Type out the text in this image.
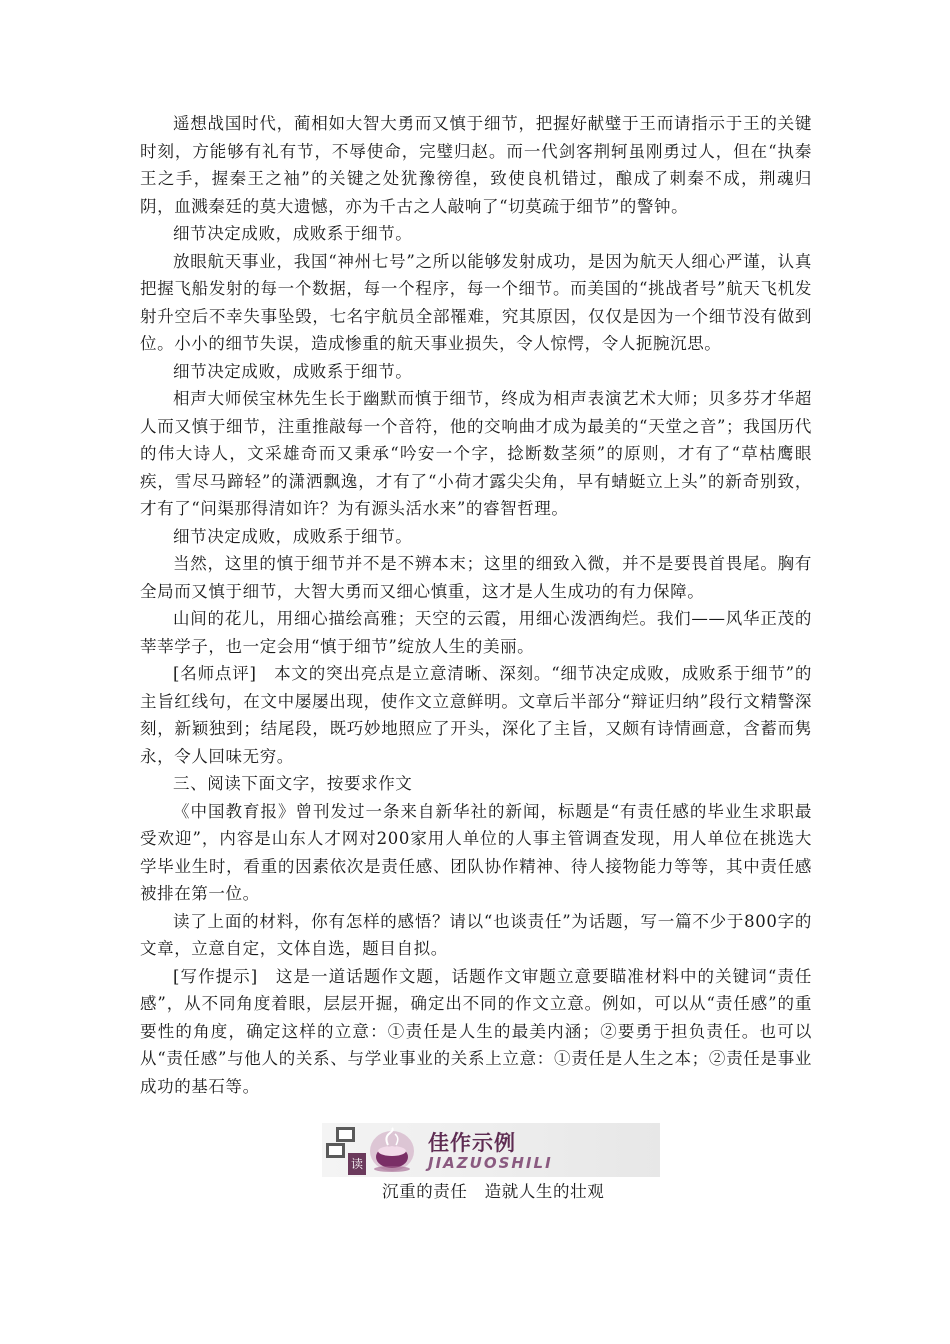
遥想战国时代，蔺相如大智大勇而又慎于细节，把握好献璧于王而请指示于王的关键时刻，方能够有礼有节，不辱使命，完璧归赵。而一代剑客荆轲虽刚勇过人，但在“执秦王之手，握秦王之袖”的关键之处犹豫徬徨，致使良机错过，酿成了刺秦不成，荆魂归阴，血溅秦廷的莫大遗憾，亦为千古之人敲响了“切莫疏于细节”的警钟。

细节决定成败，成败系于细节。

放眼航天事业，我国“神州七号”之所以能够发射成功，是因为航天人细心严谨，认真把握飞船发射的每一个数据，每一个程序，每一个细节。而美国的“挑战者号”航天飞机发射升空后不幸失事坠毁，七名宇航员全部罹难，究其原因，仅仅是因为一个细节没有做到位。小小的细节失误，造成惨重的航天事业损失，令人惊愕，令人扼腕沉思。

细节决定成败，成败系于细节。

相声大师侯宝林先生长于幽默而慎于细节，终成为相声表演艺术大师；贝多芬才华超人而又慎于细节，注重推敲每一个音符，他的交响曲才成为最美的“天堂之音”；我国历代的伟大诗人，文采雄奇而又秉承“吟安一个字，捻断数茎须”的原则，才有了“草枯鹰眼疾，雪尽马蹄轻”的潇洒飘逸，才有了“小荷才露尖尖角，早有蜻蜓立上头”的新奇别致，才有了“问渠那得清如许？为有源头活水来”的睿智哲理。

细节决定成败，成败系于细节。

当然，这里的慎于细节并不是不辨本末；这里的细致入微，并不是要畏首畏尾。胸有全局而又慎于细节，大智大勇而又细心慎重，这才是人生成功的有力保障。

山间的花儿，用细心描绘高雅；天空的云霞，用细心泼洒绚烂。我们——风华正茂的莘莘学子，也一定会用“慎于细节”绽放人生的美丽。

[名师点评]　本文的突出亮点是立意清晰、深刻。“细节决定成败，成败系于细节”的主旨红线句，在文中屡屡出现，使作文立意鲜明。文章后半部分“辩证归纳”段行文精警深刻，新颖独到；结尾段，既巧妙地照应了开头，深化了主旨，又颇有诗情画意，含蓄而隽永，令人回味无穷。

三、阅读下面文字，按要求作文

《中国教育报》曾刊发过一条来自新华社的新闻，标题是“有责任感的毕业生求职最受欢迎”，内容是山东人才网对200家用人单位的人事主管调查发现，用人单位在挑选大学毕业生时，看重的因素依次是责任感、团队协作精神、待人接物能力等等，其中责任感被排在第一位。

读了上面的材料，你有怎样的感悟？请以“也谈责任”为话题，写一篇不少于800字的文章，立意自定，文体自选，题目自拟。

[写作提示]　这是一道话题作文题，话题作文审题立意要瞄准材料中的关键词“责任感”，从不同角度着眼，层层开掘，确定出不同的作文立意。例如，可以从“责任感”的重要性的角度，确定这样的立意：①责任是人生的最美内涵；②要勇于担负责任。也可以从“责任感”与他人的关系、与学业事业的关系上立意：①责任是人生之本；②责任是事业成功的基石等。

读
佳作示例
JIAZUOSHILI
沉重的责任　造就人生的壮观
